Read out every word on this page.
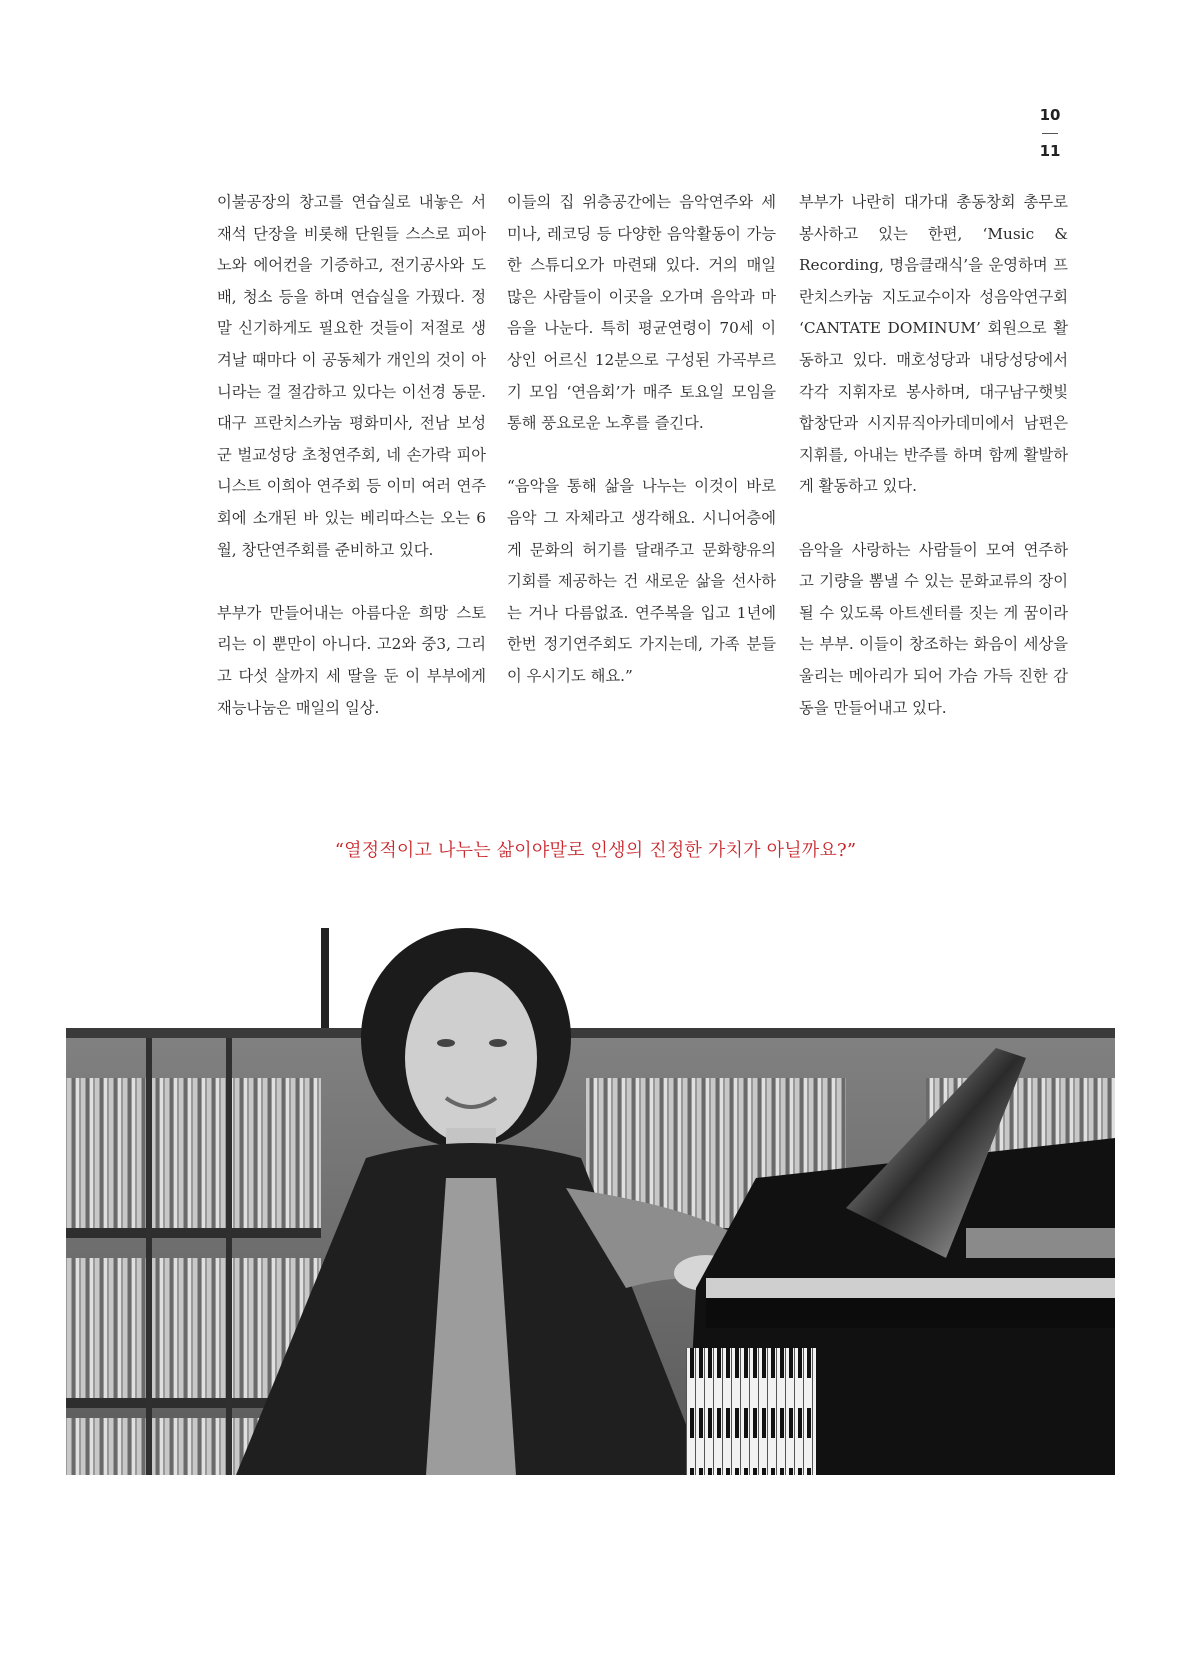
10
11

이불공장의 창고를 연습실로 내놓은 서재석 단장을 비롯해 단원들 스스로 피아노와 에어컨을 기증하고, 전기공사와 도배, 청소 등을 하며 연습실을 가꿨다. 정말 신기하게도 필요한 것들이 저절로 생겨날 때마다 이 공동체가 개인의 것이 아니라는 걸 절감하고 있다는 이선경 동문. 대구 프란치스카눔 평화미사, 전남 보성군 벌교성당 초청연주회, 네 손가락 피아니스트 이희아 연주회 등 이미 여러 연주회에 소개된 바 있는 베리따스는 오는 6월, 창단연주회를 준비하고 있다.

부부가 만들어내는 아름다운 희망 스토리는 이 뿐만이 아니다. 고2와 중3, 그리고 다섯 살까지 세 딸을 둔 이 부부에게 재능나눔은 매일의 일상.

이들의 집 위층공간에는 음악연주와 세미나, 레코딩 등 다양한 음악활동이 가능한 스튜디오가 마련돼 있다. 거의 매일 많은 사람들이 이곳을 오가며 음악과 마음을 나눈다. 특히 평균연령이 70세 이상인 어르신 12분으로 구성된 가곡부르기 모임 ‘연음회’가 매주 토요일 모임을 통해 풍요로운 노후를 즐긴다.

“음악을 통해 삶을 나누는 이것이 바로 음악 그 자체라고 생각해요. 시니어층에게 문화의 허기를 달래주고 문화향유의 기회를 제공하는 건 새로운 삶을 선사하는 거나 다름없죠. 연주복을 입고 1년에 한번 정기연주회도 가지는데, 가족 분들이 우시기도 해요.”

부부가 나란히 대가대 총동창회 총무로 봉사하고 있는 한편, ‘Music & Recording, 명음클래식’을 운영하며 프란치스카눔 지도교수이자 성음악연구회 ‘CANTATE DOMINUM’ 회원으로 활동하고 있다. 매호성당과 내당성당에서 각각 지휘자로 봉사하며, 대구남구햇빛합창단과 시지뮤직아카데미에서 남편은 지휘를, 아내는 반주를 하며 함께 활발하게 활동하고 있다.

음악을 사랑하는 사람들이 모여 연주하고 기량을 뽐낼 수 있는 문화교류의 장이 될 수 있도록 아트센터를 짓는 게 꿈이라는 부부. 이들이 창조하는 화음이 세상을 울리는 메아리가 되어 가슴 가득 진한 감동을 만들어내고 있다.

“열정적이고 나누는 삶이야말로 인생의 진정한 가치가 아닐까요?”
